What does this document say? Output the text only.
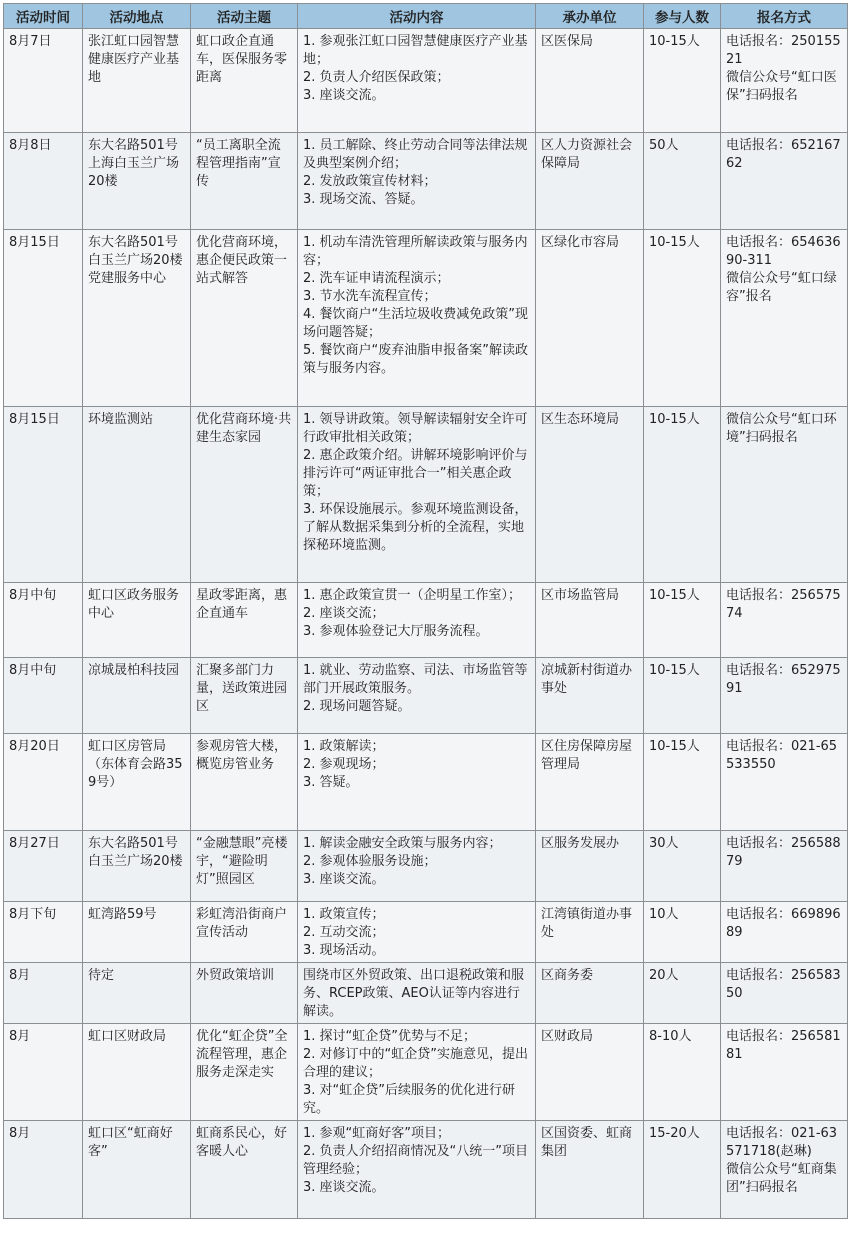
活动时间	活动地点	活动主题	活动内容	承办单位	参与人数	报名方式
8月7日	张江虹口园智慧健康医疗产业基地	虹口政企直通车，医保服务零距离	1. 参观张江虹口园智慧健康医疗产业基地；
2. 负责人介绍医保政策；
3. 座谈交流。	区医保局	10-15人	电话报名：25015521
微信公众号“虹口医保”扫码报名

8月8日	东大名路501号上海白玉兰广场20楼	“员工离职全流程管理指南”宣传	1. 员工解除、终止劳动合同等法律法规及典型案例介绍；
2. 发放政策宣传材料；
3. 现场交流、答疑。	区人力资源社会保障局	50人	电话报名：65216762

8月15日	东大名路501号白玉兰广场20楼党建服务中心	优化营商环境，惠企便民政策一站式解答	1. 机动车清洗管理所解读政策与服务内容；
2. 洗车证申请流程演示；
3. 节水洗车流程宣传；
4. 餐饮商户“生活垃圾收费减免政策”现场问题答疑；
5. 餐饮商户“废弃油脂申报备案”解读政策与服务内容。	区绿化市容局	10-15人	电话报名：65463690-311
微信公众号“虹口绿容”报名

8月15日	环境监测站	优化营商环境·共建生态家园	1. 领导讲政策。领导解读辐射安全许可行政审批相关政策；
2. 惠企政策介绍。讲解环境影响评价与排污许可“两证审批合一”相关惠企政策；
3. 环保设施展示。参观环境监测设备，了解从数据采集到分析的全流程，实地探秘环境监测。	区生态环境局	10-15人	微信公众号“虹口环境”扫码报名

8月中旬	虹口区政务服务中心	星政零距离，惠企直通车	1. 惠企政策宣贯一（企明星工作室）；
2. 座谈交流；
3. 参观体验登记大厅服务流程。	区市场监管局	10-15人	电话报名：25657574

8月中旬	凉城晟柏科技园	汇聚多部门力量，送政策进园区	1. 就业、劳动监察、司法、市场监管等部门开展政策服务。
2. 现场问题答疑。	凉城新村街道办事处	10-15人	电话报名：65297591

8月20日	虹口区房管局（东体育会路359号）	参观房管大楼，概览房管业务	1. 政策解读；
2. 参观现场；
3. 答疑。	区住房保障房屋管理局	10-15人	电话报名：021-65533550

8月27日	东大名路501号白玉兰广场20楼	“金融慧眼”亮楼宇，“避险明灯”照园区	1. 解读金融安全政策与服务内容；
2. 参观体验服务设施；
3. 座谈交流。	区服务发展办	30人	电话报名：25658879

8月下旬	虹湾路59号	彩虹湾沿街商户宣传活动	1. 政策宣传；
2. 互动交流；
3. 现场活动。	江湾镇街道办事处	10人	电话报名：66989689

8月	待定	外贸政策培训	围绕市区外贸政策、出口退税政策和服务、RCEP政策、AEO认证等内容进行解读。	区商务委	20人	电话报名：25658350

8月	虹口区财政局	优化“虹企贷”全流程管理，惠企服务走深走实	1. 探讨“虹企贷”优势与不足；
2. 对修订中的“虹企贷”实施意见，提出合理的建议；
3. 对“虹企贷”后续服务的优化进行研究。	区财政局	8-10人	电话报名：25658181

8月	虹口区“虹商好客”	虹商系民心，好客暖人心	1. 参观“虹商好客”项目；
2. 负责人介绍招商情况及“八统一”项目管理经验；
3. 座谈交流。	区国资委、虹商集团	15-20人	电话报名：021-63571718(赵琳)
微信公众号“虹商集团”扫码报名
